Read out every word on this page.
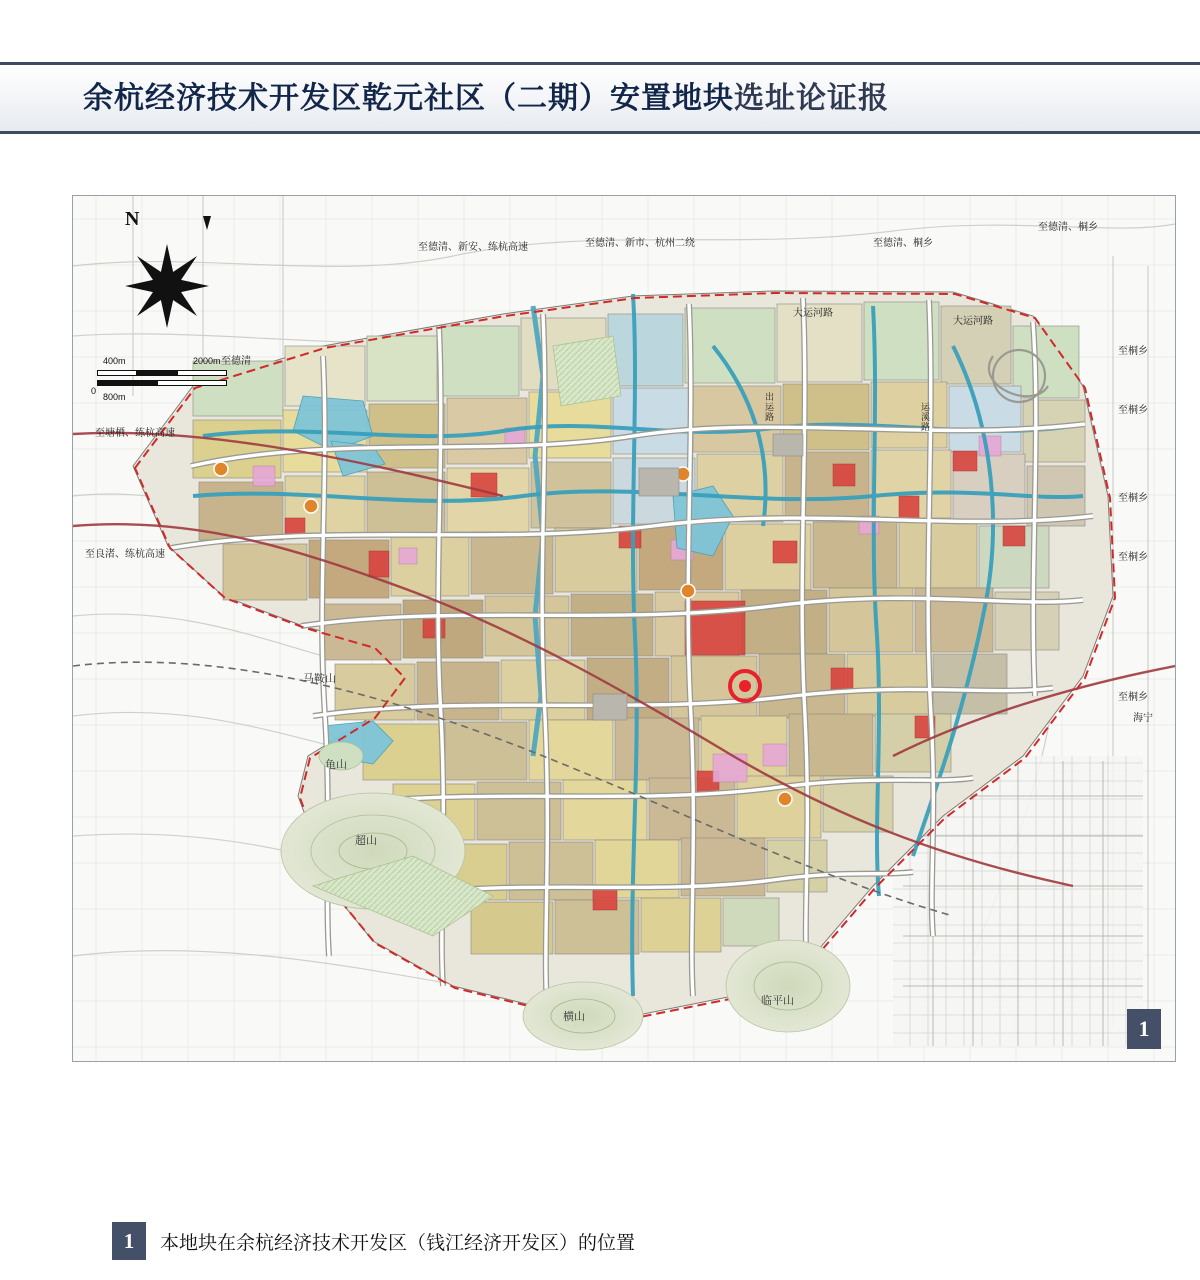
余杭经济技术开发区乾元社区（二期）安置地块 选址论证报
N
0
400m
800m
2000m
至德清、新安、练杭高速	至德清、新市、杭州二绕	至德清、桐乡
至德清、桐乡
至桐乡
至桐乡
至桐乡
至桐乡
至桐乡
至德清
至塘栖、练杭高速
至良渚、练杭高速
海宁
马鞍山
龟山
超山
横山
临平山
大运河路
大运河路
出运路	运溪路
1
1	本地块在余杭经济技术开发区（钱江经济开发区）的位置
